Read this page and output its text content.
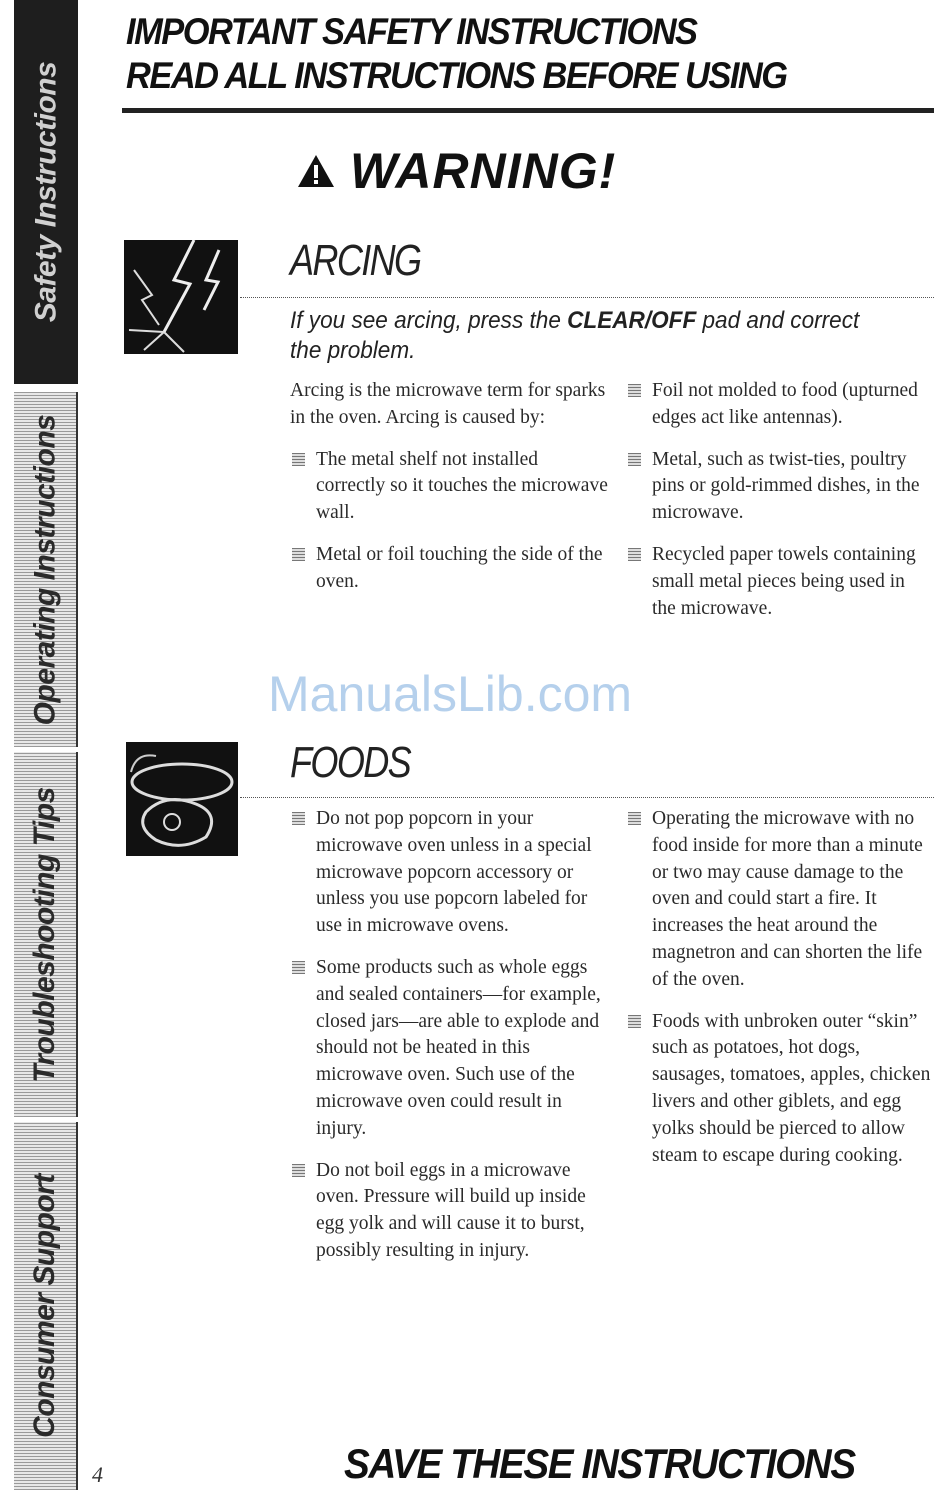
Safety Instructions
Operating Instructions
Troubleshooting Tips
Consumer Support
IMPORTANT SAFETY INSTRUCTIONS
READ ALL INSTRUCTIONS BEFORE USING
WARNING!
ARCING
If you see arcing, press the CLEAR/OFF pad and correct the problem.

Arcing is the microwave term for sparks in the oven. Arcing is caused by:

The metal shelf not installed correctly so it touches the microwave wall.
Metal or foil touching the side of the oven.
Foil not molded to food (upturned edges act like antennas).
Metal, such as twist-ties, poultry pins or gold-rimmed dishes, in the microwave.
Recycled paper towels containing small metal pieces being used in the microwave.
ManualsLib.com
FOODS
Do not pop popcorn in your microwave oven unless in a special microwave popcorn accessory or unless you use popcorn labeled for use in microwave ovens.
Some products such as whole eggs and sealed containers—for example, closed jars—are able to explode and should not be heated in this microwave oven. Such use of the microwave oven could result in injury.
Do not boil eggs in a microwave oven. Pressure will build up inside egg yolk and will cause it to burst, possibly resulting in injury.
Operating the microwave with no food inside for more than a minute or two may cause damage to the oven and could start a fire. It increases the heat around the magnetron and can shorten the life of the oven.
Foods with unbroken outer “skin” such as potatoes, hot dogs, sausages, tomatoes, apples, chicken livers and other giblets, and egg yolks should be pierced to allow steam to escape during cooking.
4	SAVE THESE INSTRUCTIONS
